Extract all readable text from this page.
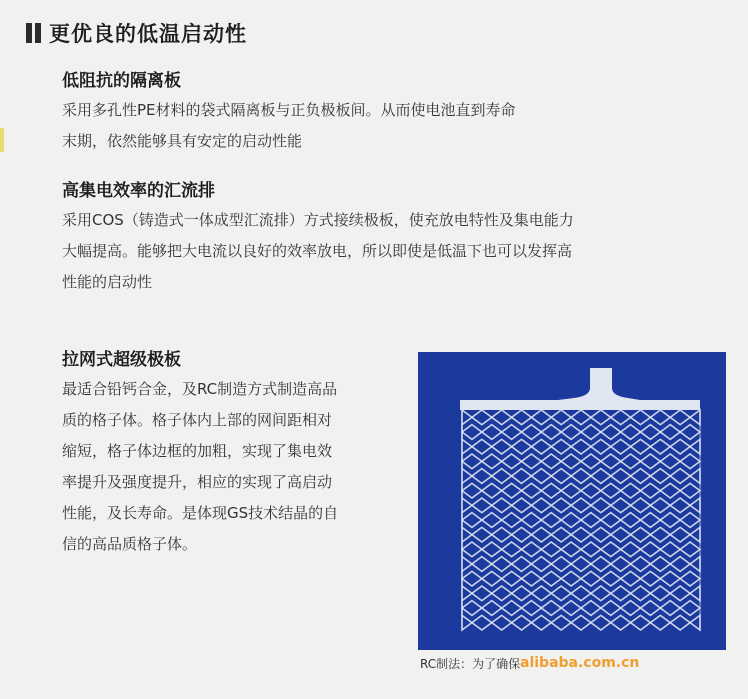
更优良的低温启动性

低阻抗的隔离板

采用多孔性PE材料的袋式隔离板与正负极板间。从而使电池直到寿命
末期，依然能够具有安定的启动性能

高集电效率的汇流排

采用COS（铸造式一体成型汇流排）方式接续极板，使充放电特性及集电能力
大幅提高。能够把大电流以良好的效率放电，所以即使是低温下也可以发挥高
性能的启动性

拉网式超级极板

最适合铅钙合金，及RC制造方式制造高品
质的格子体。格子体内上部的网间距相对
缩短，格子体边框的加粗，实现了集电效
率提升及强度提升，相应的实现了高启动
性能，及长寿命。是体现GS技术结晶的自
信的高品质格子体。

RC制法：为了确保 alibaba.com.cn
